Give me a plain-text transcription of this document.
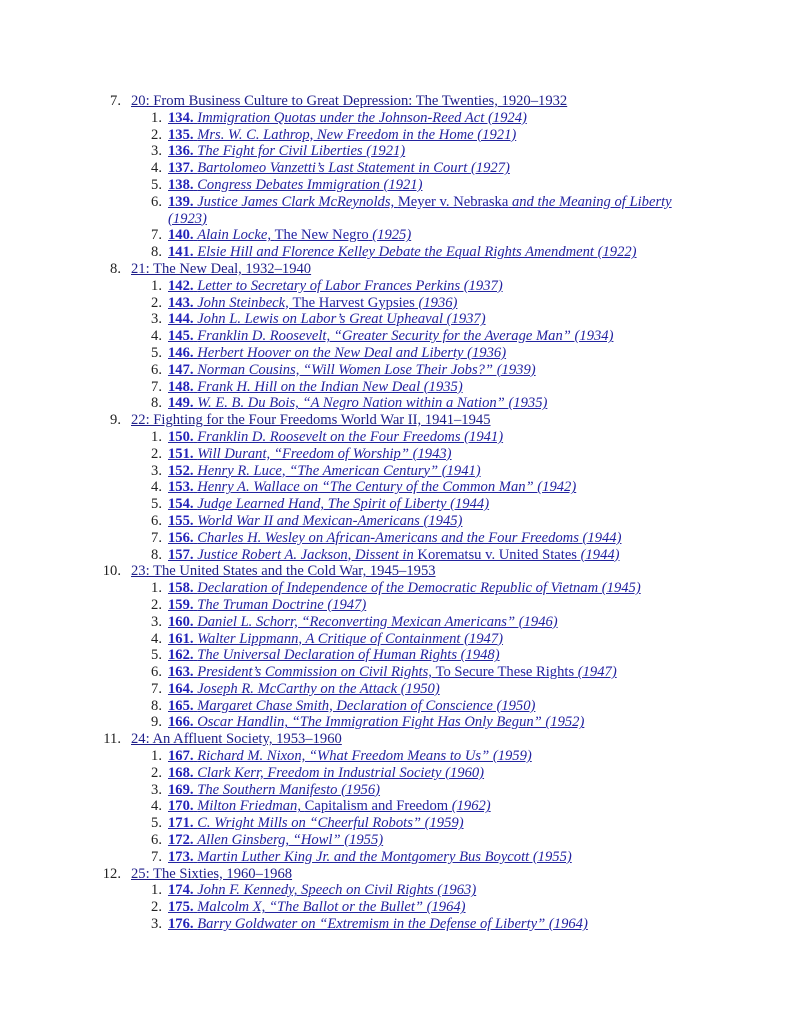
7. 20: From Business Culture to Great Depression: The Twenties, 1920–1932
1. 134. Immigration Quotas under the Johnson-Reed Act (1924)
2. 135. Mrs. W. C. Lathrop, New Freedom in the Home (1921)
3. 136. The Fight for Civil Liberties (1921)
4. 137. Bartolomeo Vanzetti’s Last Statement in Court (1927)
5. 138. Congress Debates Immigration (1921)
6. 139. Justice James Clark McReynolds, Meyer v. Nebraska and the Meaning of Liberty (1923)
7. 140. Alain Locke, The New Negro (1925)
8. 141. Elsie Hill and Florence Kelley Debate the Equal Rights Amendment (1922)
8. 21: The New Deal, 1932–1940
1. 142. Letter to Secretary of Labor Frances Perkins (1937)
2. 143. John Steinbeck, The Harvest Gypsies (1936)
3. 144. John L. Lewis on Labor’s Great Upheaval (1937)
4. 145. Franklin D. Roosevelt, “Greater Security for the Average Man” (1934)
5. 146. Herbert Hoover on the New Deal and Liberty (1936)
6. 147. Norman Cousins, “Will Women Lose Their Jobs?” (1939)
7. 148. Frank H. Hill on the Indian New Deal (1935)
8. 149. W. E. B. Du Bois, “A Negro Nation within a Nation” (1935)
9. 22: Fighting for the Four Freedoms World War II, 1941–1945
1. 150. Franklin D. Roosevelt on the Four Freedoms (1941)
2. 151. Will Durant, “Freedom of Worship” (1943)
3. 152. Henry R. Luce, “The American Century” (1941)
4. 153. Henry A. Wallace on “The Century of the Common Man” (1942)
5. 154. Judge Learned Hand, The Spirit of Liberty (1944)
6. 155. World War II and Mexican-Americans (1945)
7. 156. Charles H. Wesley on African-Americans and the Four Freedoms (1944)
8. 157. Justice Robert A. Jackson, Dissent in Korematsu v. United States (1944)
10. 23: The United States and the Cold War, 1945–1953
1. 158. Declaration of Independence of the Democratic Republic of Vietnam (1945)
2. 159. The Truman Doctrine (1947)
3. 160. Daniel L. Schorr, “Reconverting Mexican Americans” (1946)
4. 161. Walter Lippmann, A Critique of Containment (1947)
5. 162. The Universal Declaration of Human Rights (1948)
6. 163. President’s Commission on Civil Rights, To Secure These Rights (1947)
7. 164. Joseph R. McCarthy on the Attack (1950)
8. 165. Margaret Chase Smith, Declaration of Conscience (1950)
9. 166. Oscar Handlin, “The Immigration Fight Has Only Begun” (1952)
11. 24: An Affluent Society, 1953–1960
1. 167. Richard M. Nixon, “What Freedom Means to Us” (1959)
2. 168. Clark Kerr, Freedom in Industrial Society (1960)
3. 169. The Southern Manifesto (1956)
4. 170. Milton Friedman, Capitalism and Freedom (1962)
5. 171. C. Wright Mills on “Cheerful Robots” (1959)
6. 172. Allen Ginsberg, “Howl” (1955)
7. 173. Martin Luther King Jr. and the Montgomery Bus Boycott (1955)
12. 25: The Sixties, 1960–1968
1. 174. John F. Kennedy, Speech on Civil Rights (1963)
2. 175. Malcolm X, “The Ballot or the Bullet” (1964)
3. 176. Barry Goldwater on “Extremism in the Defense of Liberty” (1964)
